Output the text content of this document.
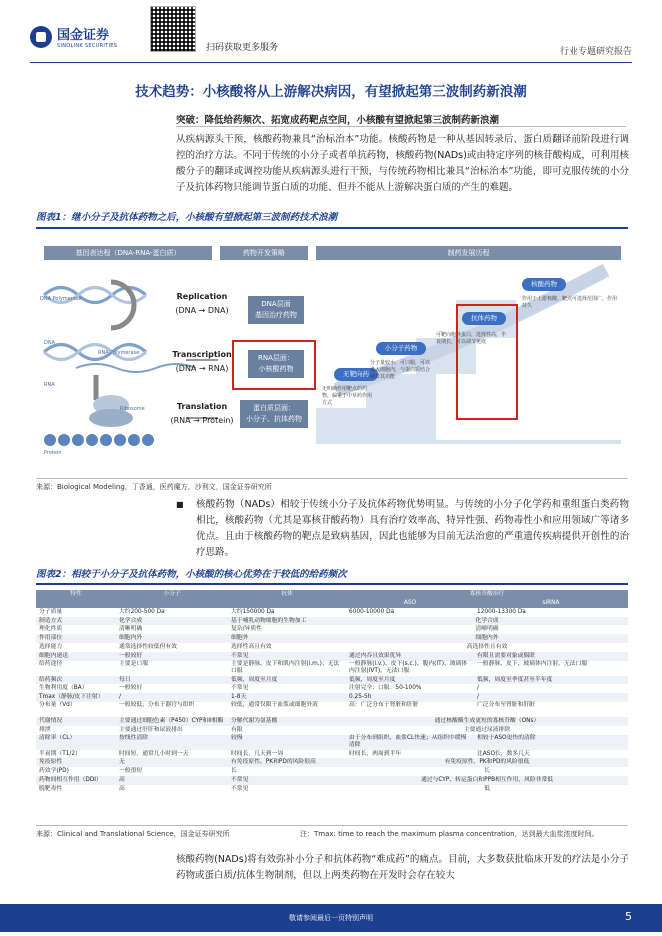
国金证券
SINOLINK SECURITIES	扫码获取更多服务	行业专题研究报告
技术趋势：小核酸将从上游解决病因，有望掀起第三波制药新浪潮
突破：降低给药频次、拓宽成药靶点空间，小核酸有望掀起第三波制药新浪潮
从疾病源头干预，核酸药物兼具“治标治本”功能。核酸药物是一种从基因转录后、蛋白质翻译前阶段进行调控的治疗方法。不同于传统的小分子或者单抗药物，核酸药物(NADs)或由特定序列的核苷酸构成，可利用核酸分子的翻译或调控功能从疾病源头进行干预，与传统药物相比兼具“治标治本”功能，即可克服传统的小分子及抗体药物只能调节蛋白质的功能、但并不能从上游解决蛋白质的产生的难题。
图表1：继小分子及抗体药物之后，小核酸有望掀起第三波制药技术浪潮
基因表达程（DNA-RNA-蛋白质）	药物开发策略	制药发展历程
DNA Polymerase
DNA
RNA Polymerase
RNA
Ribosome
Protein
Replication
(DNA → DNA)
Transcription
(DNA → RNA)
Translation
(RNA → Protein)
DNA层面
基因治疗药物
RNA层面：
小核酸药物
蛋白质层面：
小分子、抗体药物
无靶向药
小分子药物
抗体药物
核酸药物
无明确作用靶点的药物，偏重于中草药作用方式
分子量较小，可口服，可以进入细胞内，与蛋白质结合调节其功能
可靶向胞外蛋白，选择性高，半衰期长，可以调节免疫
作用于上游核酸，靶点可选择范围广，作用持久
来源：Biological Modeling，丁香通，医药魔方，沙利文，国金证券研究所
■ 核酸药物（NADs）相较于传统小分子及抗体药物优势明显。与传统的小分子化学药和重组蛋白类药物相比，核酸药物（尤其是寡核苷酸药物）具有治疗效率高、特异性强、药物毒性小和应用领域广等诸多优点。且由于核酸药物的靶点是致病基因，因此也能够为目前无法治愈的严重遗传疾病提供开创性的治疗思路。
图表2：相较于小分子及抗体药物，小核酸的核心优势在于较低的给药频次
特性	小分子	抗体	寡核苷酸治疗	
			ASO	siRNA
分子质量	大约200-500 Da	大约150000 Da	6000-10000 Da	12000-13300 Da
制造方式	化学合成	基于哺乳动物细胞的生物加工	化学合成	
理化性质	清晰明确	复杂/异质性	清晰明确	
作用部位	细胞内外	细胞外	细胞内外	
选择能力	通常选择性较低但有效	选择性高且有效	高选择性且有效	
细胞内递送	一般较好	不常见	通过内吞且效果优异	有限且需要对象或偶联
给药途径	主要是口服	主要是静脉、皮下和肌内注射(i.m.)；无法口服	一般静脉(i.v.)、皮下(s.c.)、腹内(IT)、玻璃体内注射(IVT)，无法口服	一般静脉、皮下、玻璃体内注射，无法口服
给药频次	每日	低频，周度至月度	低频，周度至月度	低频，周度至季度甚至半年度
生物利用度（BA）	一般较好	不常见	注射完全；口服：50-100%	/
Tmax（静脉/皮下注射）	/	1-8天	0.25-5h	/
分布量（Vd）	一般较低，分布于器官与组织	较低，通常仅限于血浆或细胞外液	高：广泛分布于肾脏和肝脏	广泛分布至肾脏和肝脏
代谢情况	主要通过细胞色素（P450）CYP和II相酶	分解代谢为氨基酸	通过核酸酶生成更短的寡核苷酸（ONs）	
排泄	主要通过肝肝和尿液排出	有限	主要通过尿液排除	
清除率（CL）	按线性清除	较慢	由于分布到组织，血浆CL快速；从组织中缓慢清除	相较于ASO更快的清除
半衰期（T1/2）	时间短，通常几小时到一天	时间长，几天到一周	时间长，两周到半年	比ASO长，数多几天
免疫原性	无	有免疫原性，PK和PD的风险很高	有免疫原性，PK和PD的风险很低	
药效学(PD)	一般很短	长	长	
药物间相互作用（DDI）	高	不常见	通过与CYP、转运蛋白和PPB相互作用，风险非常低	
脱靶毒性	高	不常见	低	
来源：Clinical and Translational Science，国金证券研究所	注：Tmax: time to reach the maximum plasma concentration，达到最大血浆浓度时间。
核酸药物(NADs)将有效弥补小分子和抗体药物“难成药”的痛点。目前，大多数获批临床开发的疗法是小分子药物或蛋白质/抗体生物制剂，但以上两类药物在开发时会存在较大
敬请参阅最后一页特别声明	5
